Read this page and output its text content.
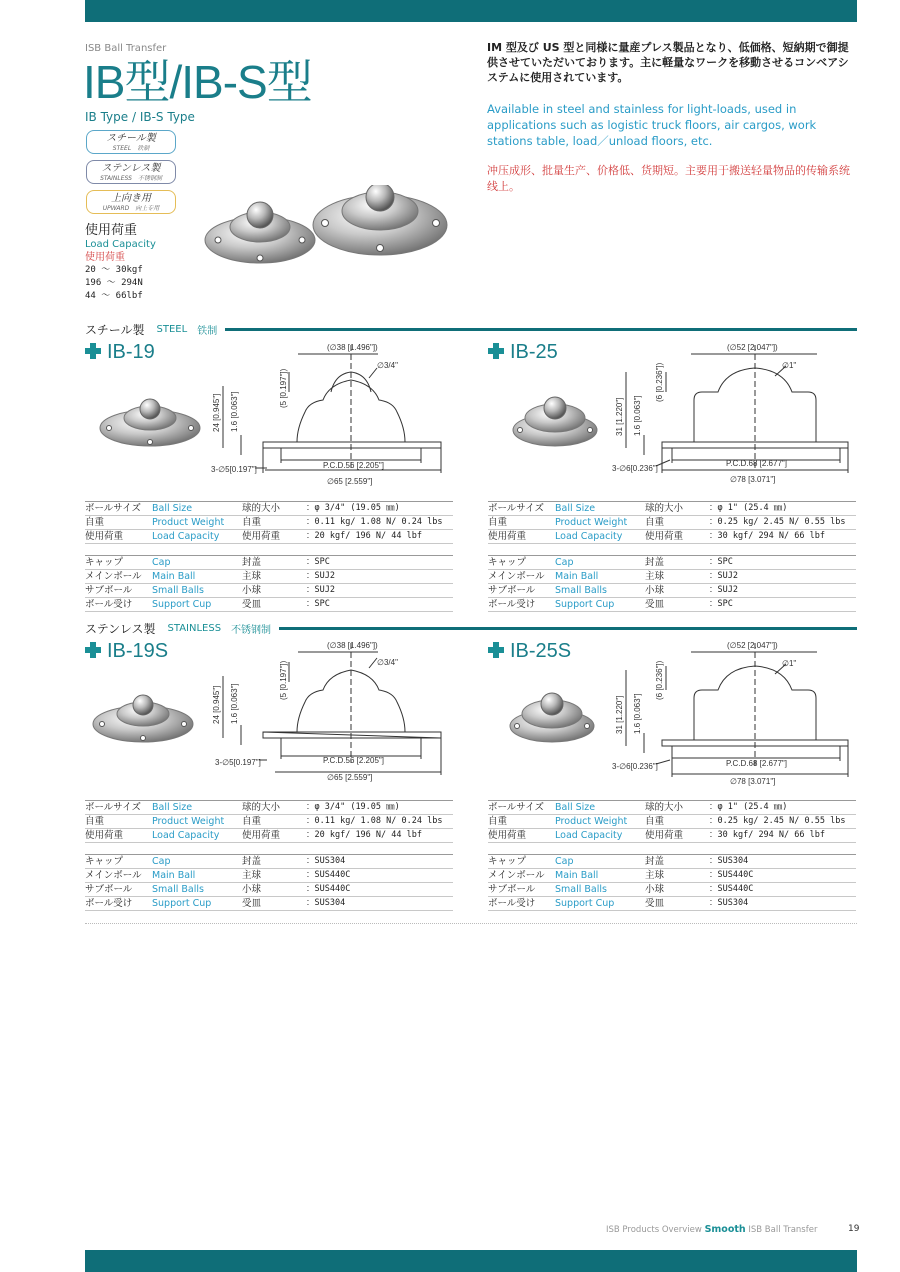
ISB Ball Transfer
IB型/IB-S型
IB Type / IB-S Type
スチール製
STEEL　铁制
ステンレス製
STAINLESS　不锈钢制
上向き用
UPWARD　向上专用
使用荷重
Load Capacity
使用荷重
20 ～ 30kgf
196 ～ 294N
44 ～ 66lbf
IM 型及び US 型と同様に量産プレス製品となり、低価格、短納期で御提供させていただいております。主に軽量なワークを移動させるコンベアシステムに使用されています。
Available in steel and stainless for light-loads, used in applications such as logistic truck floors, air cargos, work stations table, load／unload floors, etc.
冲压成形、批量生产、价格低、货期短。主要用于搬送轻量物品的传输系统线上。
スチール製 STEEL 铁制
IB-19	IB-25
ステンレス製 STAINLESS 不锈钢制
IB-19S	IB-25S
(∅38 [1.496"])
∅3/4"
(5 [0.197"])
24 [0.945"] 1.6 [0.063"]
3-∅5[0.197"]	P.C.D.56 [2.205"]
∅65 [2.559"]
(∅52 [2.047"])
∅1"
(6 [0.236"])
31 [1.220"] 1.6 [0.063"]
3-∅6[0.236"]
P.C.D.68 [2.677"]
∅78 [3.071"]
(∅38 [1.496"])
∅3/4"
(5 [0.197"])
24 [0.945"] 1.6 [0.063"]
3-∅5[0.197"]	P.C.D.56 [2.205"]
∅65 [2.559"]
(∅52 [2.047"])
∅1"
(6 [0.236"])
31 [1.220"] 1.6 [0.063"]
3-∅6[0.236"]	P.C.D.68 [2.677"]
∅78 [3.071"]
ボールサイズ	Ball Size	球的大小	：φ 3/4" (19.05 ㎜)
自重	Product Weight	自重	：0.11 kg/ 1.08 N/ 0.24 lbs
使用荷重	Load Capacity	使用荷重	：20 kgf/ 196 N/ 44 lbf
キャップ	Cap	封盖	：SPC
メインボール	Main Ball	主球	：SUJ2
サブボール	Small Balls	小球	：SUJ2
ボール受け	Support Cup	受皿	：SPC
ボールサイズ	Ball Size	球的大小	：φ 1" (25.4 ㎜)
自重	Product Weight	自重	：0.25 kg/ 2.45 N/ 0.55 lbs
使用荷重	Load Capacity	使用荷重	：30 kgf/ 294 N/ 66 lbf
キャップ	Cap	封盖	：SPC
メインボール	Main Ball	主球	：SUJ2
サブボール	Small Balls	小球	：SUJ2
ボール受け	Support Cup	受皿	：SPC
ボールサイズ	Ball Size	球的大小	：φ 3/4" (19.05 ㎜)
自重	Product Weight	自重	：0.11 kg/ 1.08 N/ 0.24 lbs
使用荷重	Load Capacity	使用荷重	：20 kgf/ 196 N/ 44 lbf
キャップ	Cap	封盖	：SUS304
メインボール	Main Ball	主球	：SUS440C
サブボール	Small Balls	小球	：SUS440C
ボール受け	Support Cup	受皿	：SUS304
ボールサイズ	Ball Size	球的大小	：φ 1" (25.4 ㎜)
自重	Product Weight	自重	：0.25 kg/ 2.45 N/ 0.55 lbs
使用荷重	Load Capacity	使用荷重	：30 kgf/ 294 N/ 66 lbf
キャップ	Cap	封盖	：SUS304
メインボール	Main Ball	主球	：SUS440C
サブボール	Small Balls	小球	：SUS440C
ボール受け	Support Cup	受皿	：SUS304
ISB Products Overview Smooth ISB Ball Transfer	19
